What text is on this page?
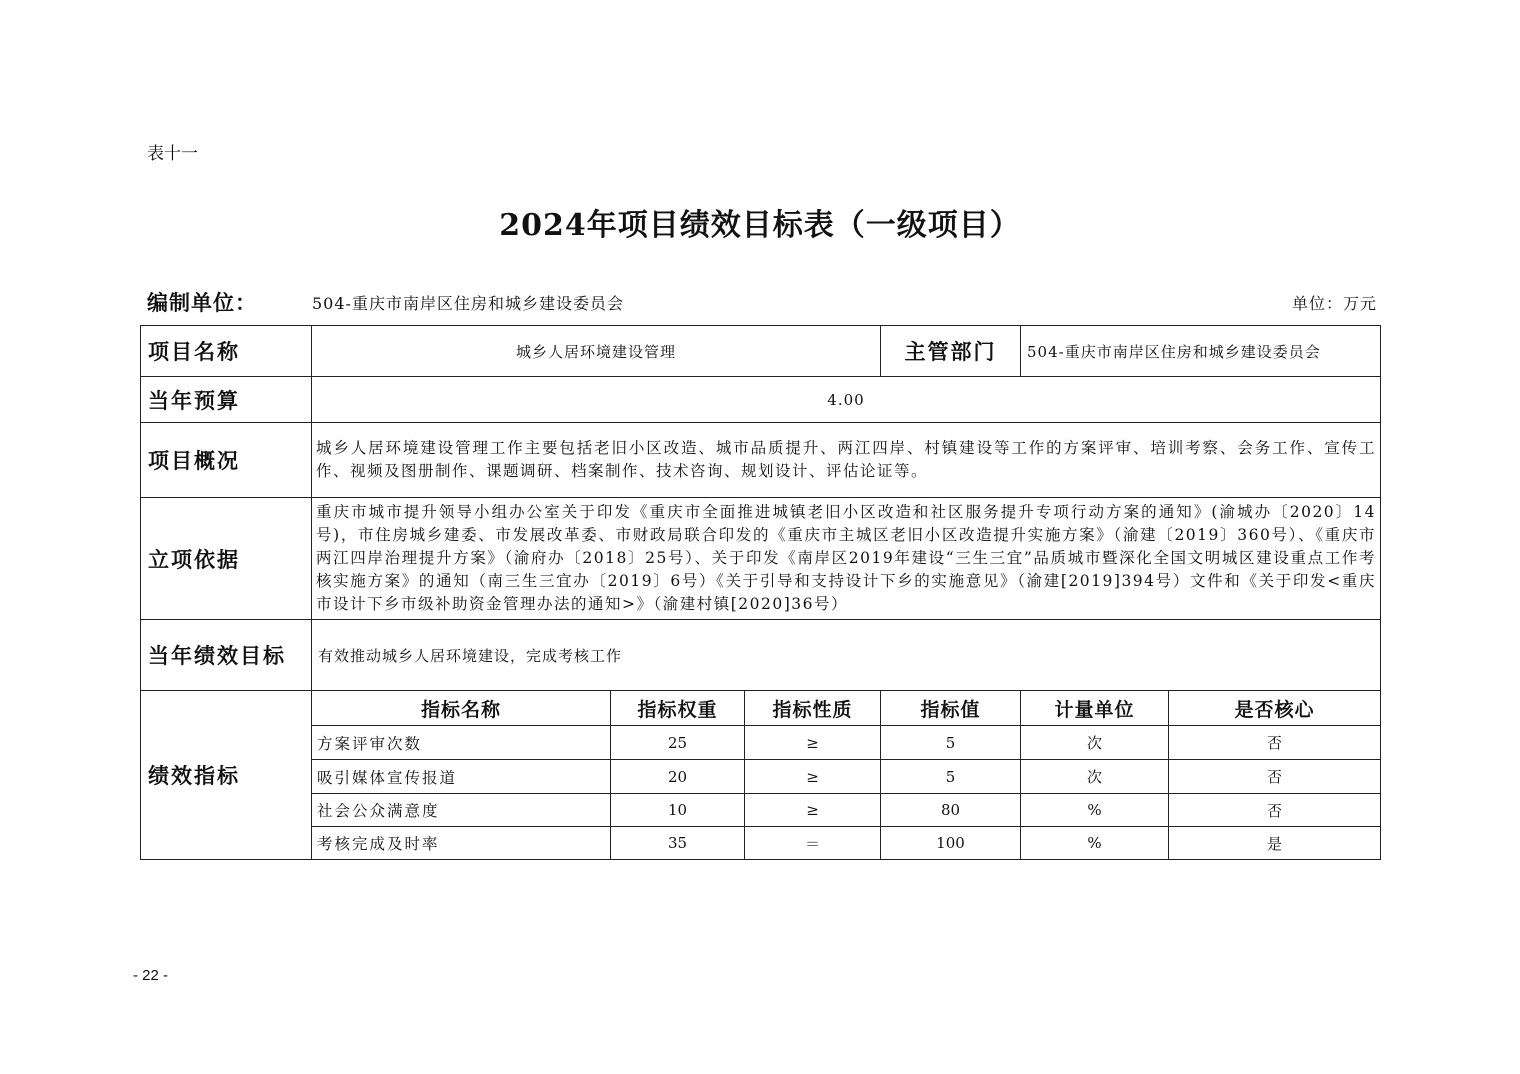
表十一
2024年项目绩效目标表（一级项目）
编制单位：	504-重庆市南岸区住房和城乡建设委员会	单位：万元
项目名称	城乡人居环境建设管理			主管部门	504-重庆市南岸区住房和城乡建设委员会	
当年预算	4.00					
项目概况	城乡人居环境建设管理工作主要包括老旧小区改造、城市品质提升、两江四岸、村镇建设等工作的方案评审、培训考察、会务工作、宣传工作、视频及图册制作、课题调研、档案制作、技术咨询、规划设计、评估论证等。					
立项依据	重庆市城市提升领导小组办公室关于印发《重庆市全面推进城镇老旧小区改造和社区服务提升专项行动方案的通知》(渝城办〔2020〕14号)，市住房城乡建委、市发展改革委、市财政局联合印发的《重庆市主城区老旧小区改造提升实施方案》（渝建〔2019〕360号）、《重庆市两江四岸治理提升方案》（渝府办〔2018〕25号）、关于印发《南岸区2019年建设“三生三宜”品质城市暨深化全国文明城区建设重点工作考核实施方案》的通知（南三生三宜办〔2019〕6号）《关于引导和支持设计下乡的实施意见》（渝建[2019]394号）文件和《关于印发<重庆市设计下乡市级补助资金管理办法的通知>》（渝建村镇[2020]36号）					
当年绩效目标	有效推动城乡人居环境建设，完成考核工作					
绩效指标	指标名称	指标权重	指标性质	指标值	计量单位	是否核心
	方案评审次数	25	≥	5	次	否
	吸引媒体宣传报道	20	≥	5	次	否
	社会公众满意度	10	≥	80	%	否
	考核完成及时率	35	＝	100	%	是
- 22 -
